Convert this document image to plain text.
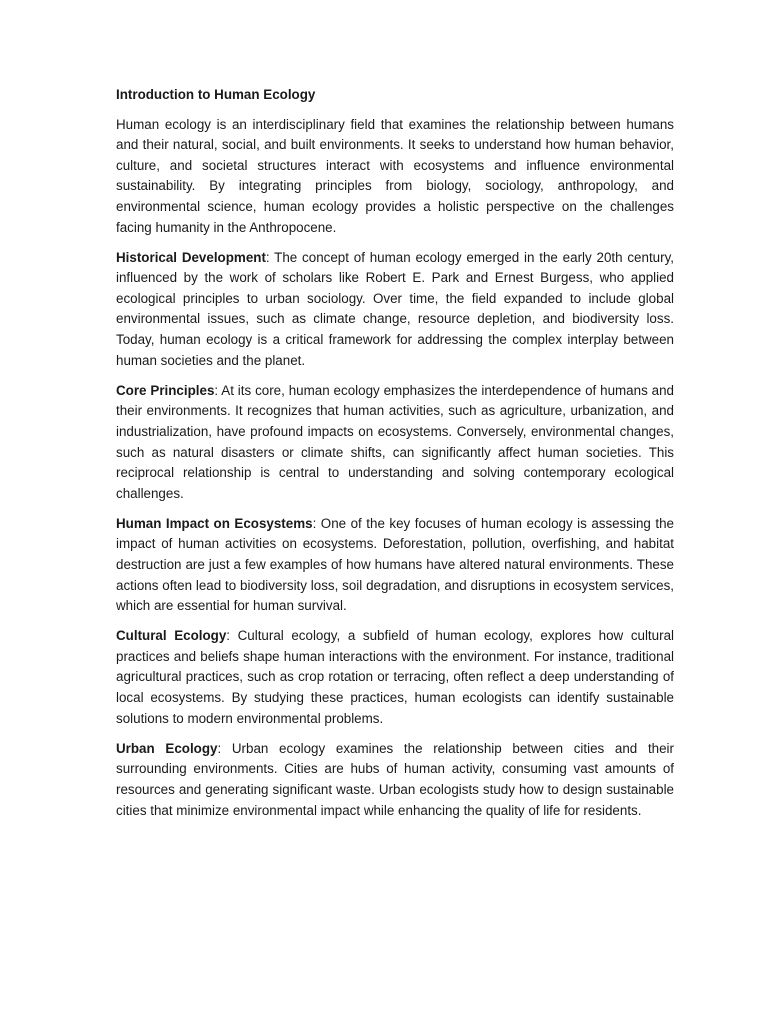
Introduction to Human Ecology

Human ecology is an interdisciplinary field that examines the relationship between humans and their natural, social, and built environments. It seeks to understand how human behavior, culture, and societal structures interact with ecosystems and influence environmental sustainability. By integrating principles from biology, sociology, anthropology, and environmental science, human ecology provides a holistic perspective on the challenges facing humanity in the Anthropocene.

Historical Development: The concept of human ecology emerged in the early 20th century, influenced by the work of scholars like Robert E. Park and Ernest Burgess, who applied ecological principles to urban sociology. Over time, the field expanded to include global environmental issues, such as climate change, resource depletion, and biodiversity loss. Today, human ecology is a critical framework for addressing the complex interplay between human societies and the planet.

Core Principles: At its core, human ecology emphasizes the interdependence of humans and their environments. It recognizes that human activities, such as agriculture, urbanization, and industrialization, have profound impacts on ecosystems. Conversely, environmental changes, such as natural disasters or climate shifts, can significantly affect human societies. This reciprocal relationship is central to understanding and solving contemporary ecological challenges.

Human Impact on Ecosystems: One of the key focuses of human ecology is assessing the impact of human activities on ecosystems. Deforestation, pollution, overfishing, and habitat destruction are just a few examples of how humans have altered natural environments. These actions often lead to biodiversity loss, soil degradation, and disruptions in ecosystem services, which are essential for human survival.

Cultural Ecology: Cultural ecology, a subfield of human ecology, explores how cultural practices and beliefs shape human interactions with the environment. For instance, traditional agricultural practices, such as crop rotation or terracing, often reflect a deep understanding of local ecosystems. By studying these practices, human ecologists can identify sustainable solutions to modern environmental problems.

Urban Ecology: Urban ecology examines the relationship between cities and their surrounding environments. Cities are hubs of human activity, consuming vast amounts of resources and generating significant waste. Urban ecologists study how to design sustainable cities that minimize environmental impact while enhancing the quality of life for residents.
